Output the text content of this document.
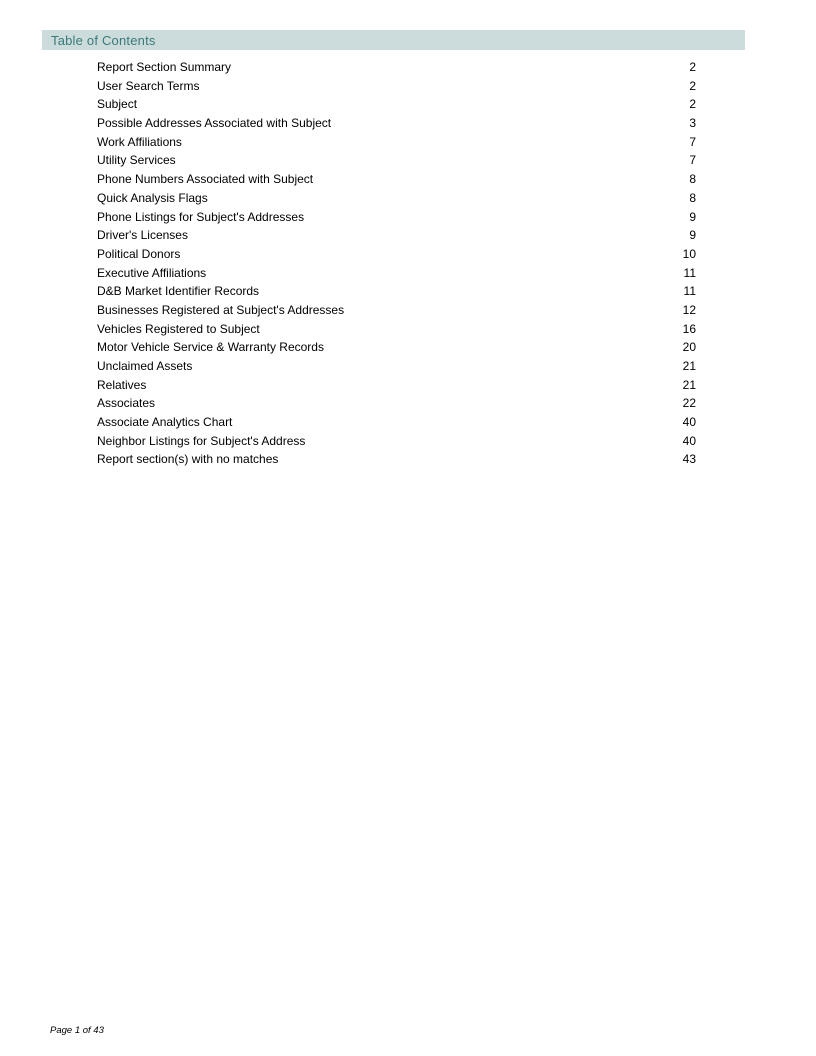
Table of Contents
Report Section Summary	2
User Search Terms	2
Subject	2
Possible Addresses Associated with Subject	3
Work Affiliations	7
Utility Services	7
Phone Numbers Associated with Subject	8
Quick Analysis Flags	8
Phone Listings for Subject's Addresses	9
Driver's Licenses	9
Political Donors	10
Executive Affiliations	11
D&B Market Identifier Records	11
Businesses Registered at Subject's Addresses	12
Vehicles Registered to Subject	16
Motor Vehicle Service & Warranty Records	20
Unclaimed Assets	21
Relatives	21
Associates	22
Associate Analytics Chart	40
Neighbor Listings for Subject's Address	40
Report section(s) with no matches	43
Page 1 of 43
